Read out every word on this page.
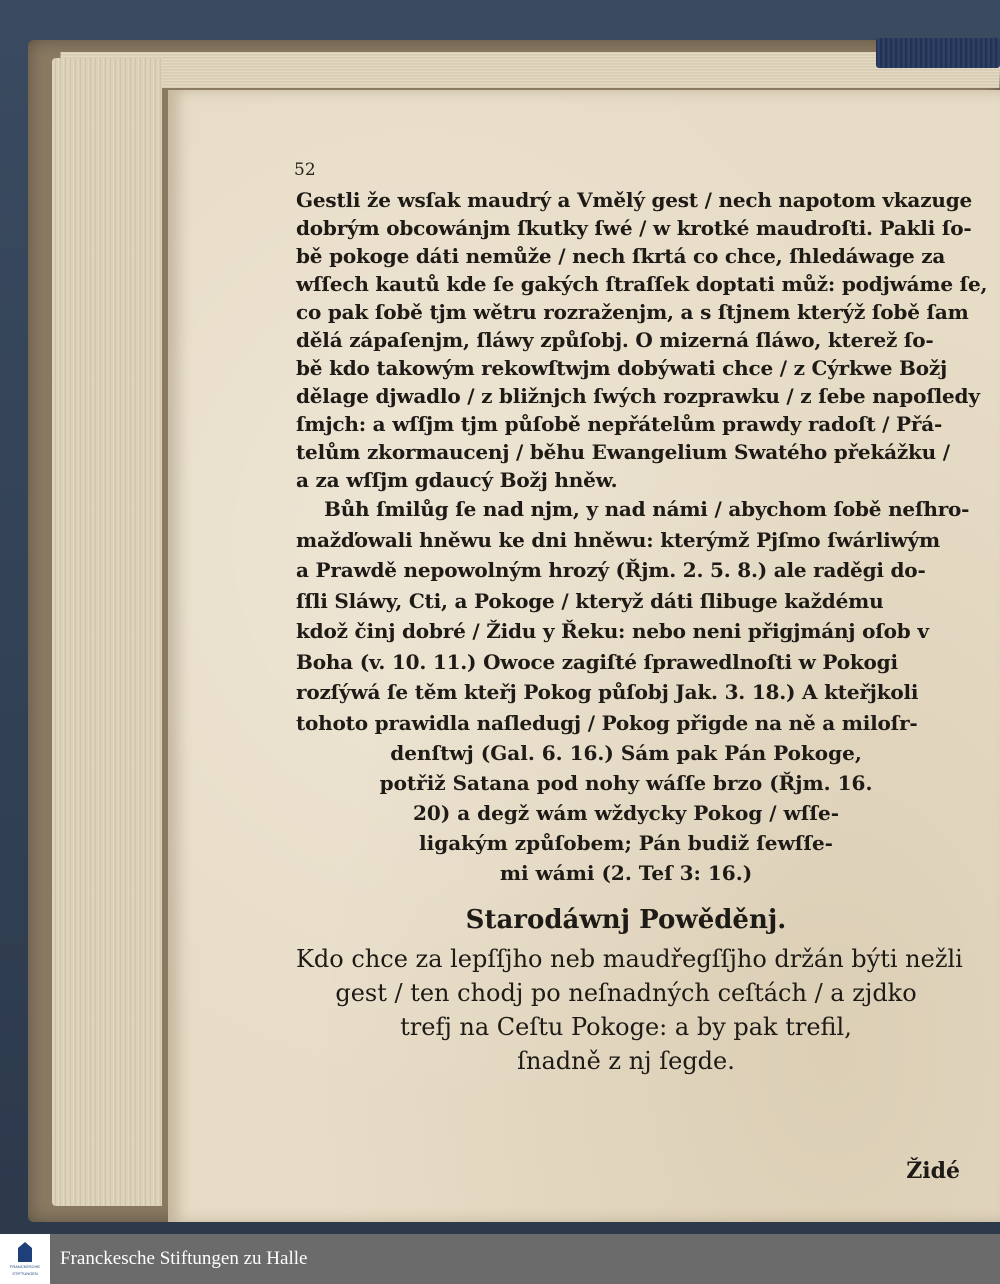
52

Gestli že wsſak maudrý a Vmělý gest / nech napotom vkazuge

dobrým obcowánjm ſkutky ſwé / w krotké maudroſti. Pakli ſo-

bě pokoge dáti nemůže / nech ſkrtá co chce, ſhledáwage za

wſſech kautů kde ſe gakých ſtraſſek doptati můž: podjwáme ſe,

co pak ſobě tjm wětru rozraženjm, a s ſtjnem kterýž ſobě ſam

dělá zápaſenjm, ſláwy způſobj. O mizerná ſláwo, kterež ſo-

bě kdo takowým rekowſtwjm dobýwati chce / z Cýrkwe Božj

dělage djwadlo / z bližnjch ſwých rozprawku / z ſebe napoſledy

ſmjch: a wſſjm tjm půſobě nepřátelům prawdy radoſt / Přá-

telům zkormaucenj / běhu Ewangelium Swatého překážku /

a za wſſjm gdaucý Božj hněw.

Bůh ſmilůg ſe nad njm, y nad námi / abychom ſobě neſhro-

mažďowali hněwu ke dni hněwu: kterýmž Pjſmo ſwárliwým

a Prawdě nepowolným hrozý (Řjm. 2. 5. 8.) ale raděgi do-

ſſli Sláwy, Cti, a Pokoge / kteryž dáti ſlibuge každému

kdož činj dobré / Židu y Řeku: nebo neni přigjmánj oſob v

Boha (v. 10. 11.) Owoce zagiſté ſprawedlnoſti w Pokogi

rozſýwá ſe těm kteřj Pokog půſobj Jak. 3. 18.) A kteřjkoli

tohoto prawidla naſledugj / Pokog přigde na ně a miloſr-

denſtwj (Gal. 6. 16.) Sám pak Pán Pokoge,

potřiž Satana pod nohy wáſſe brzo (Řjm. 16.

20) a degž wám wždycky Pokog / wſſe-

ligakým způſobem; Pán budiž ſewſſe-

mi wámi (2. Teſ 3: 16.)

Starodáwnj Powěděnj.

Kdo chce za lepſſjho neb maudřegſſjho držán býti nežli

gest / ten chodj po neſnadných ceſtách / a zjdko

trefj na Ceſtu Pokoge: a by pak trefil,

ſnadně z nj ſegde.

Židé
FRANCKESCHE
STIFTUNGEN
Franckesche Stiftungen zu Halle
